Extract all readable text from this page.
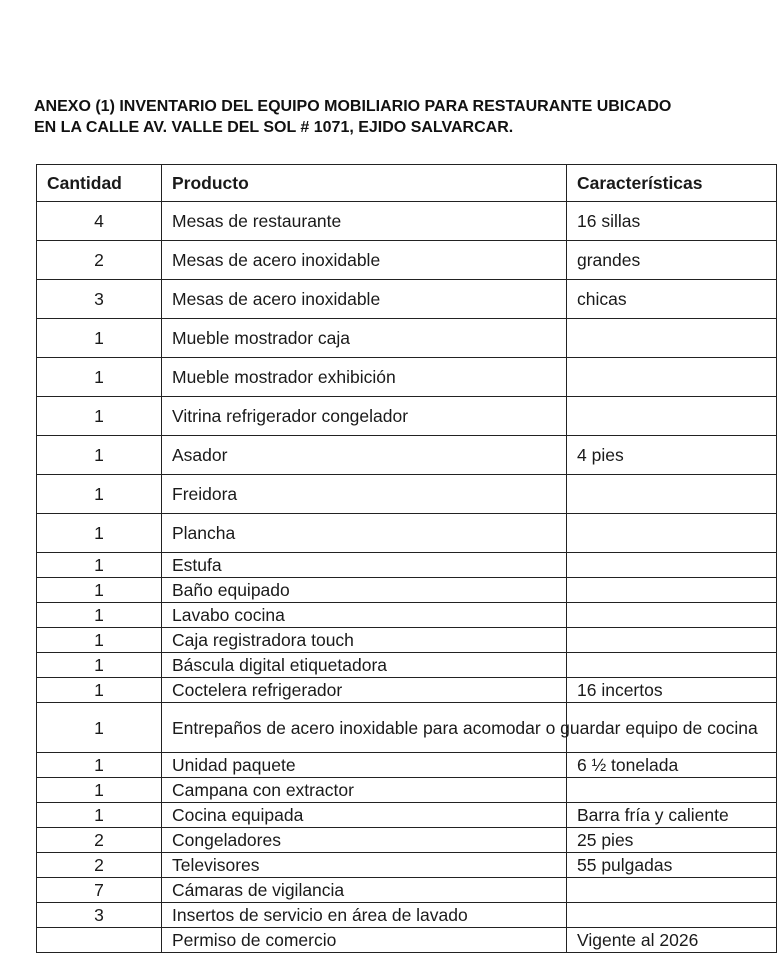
ANEXO (1) INVENTARIO DEL EQUIPO MOBILIARIO PARA RESTAURANTE UBICADO
EN LA CALLE AV. VALLE DEL SOL # 1071, EJIDO SALVARCAR.
Cantidad	Producto	Características
4	Mesas de restaurante	16 sillas
2	Mesas de acero inoxidable	grandes
3	Mesas de acero inoxidable	chicas
1	Mueble mostrador caja	
1	Mueble mostrador exhibición	
1	Vitrina refrigerador congelador	
1	Asador	4 pies
1	Freidora	
1	Plancha	
1	Estufa	
1	Baño equipado	
1	Lavabo cocina	
1	Caja registradora touch	
1	Báscula digital etiquetadora	
1	Coctelera refrigerador	16 incertos
1	Entrepaños de acero inoxidable para acomodar o guardar equipo de cocina	
1	Unidad paquete	6 ½ tonelada
1	Campana con extractor	
1	Cocina equipada	Barra fría y caliente
2	Congeladores	25 pies
2	Televisores	55 pulgadas
7	Cámaras de vigilancia	
3	Insertos de servicio en área de lavado	
	Permiso de comercio	Vigente al 2026
